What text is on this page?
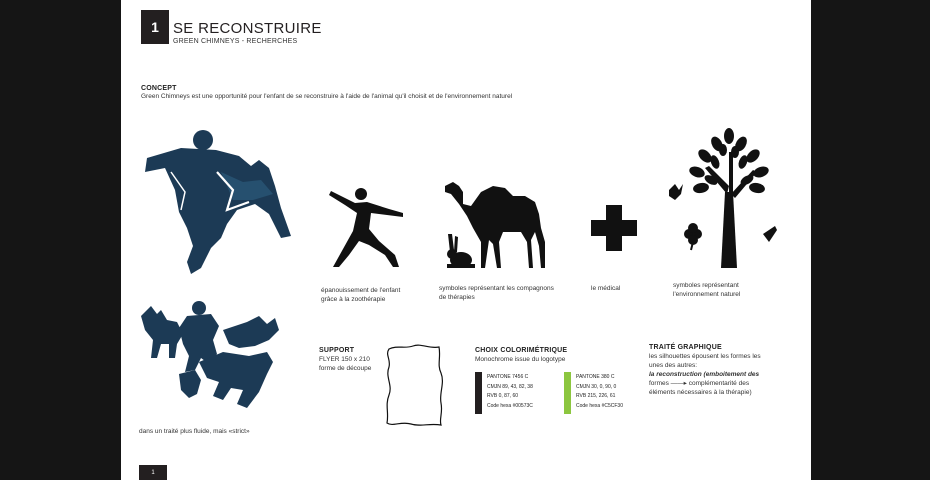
1 SE RECONSTRUIRE
GREEN CHIMNEYS - RECHERCHES
CONCEPT
Green Chimneys est une opportunité pour l'enfant de se reconstruire à l'aide de l'animal qu'il choisit et de l'environnement naturel
épanouissement de l'enfant
grâce à la zoothérapie
symboles représentant les compagnons
de thérapies
le médical	symboles représentant
l'environnement naturel
dans un traité plus fluide, mais «strict»
SUPPORT
FLYER 150 x 210
forme de découpe
CHOIX COLORIMÉTRIQUE
Monochrome issue du logotype
PANTONE 7456 C
CMJN 89, 43, 82, 38
RVB 0, 87, 60
Code hexa #00573C
PANTONE 380 C
CMJN 30, 0, 90, 0
RVB 215, 226, 61
Code hexa #C5CF30
TRAITÉ GRAPHIQUE
les silhouettes épousent les formes les
unes des autres:
la reconstruction (emboitement des
formes ——▸ complémentarité des
éléments nécessaires à la thérapie)
1
